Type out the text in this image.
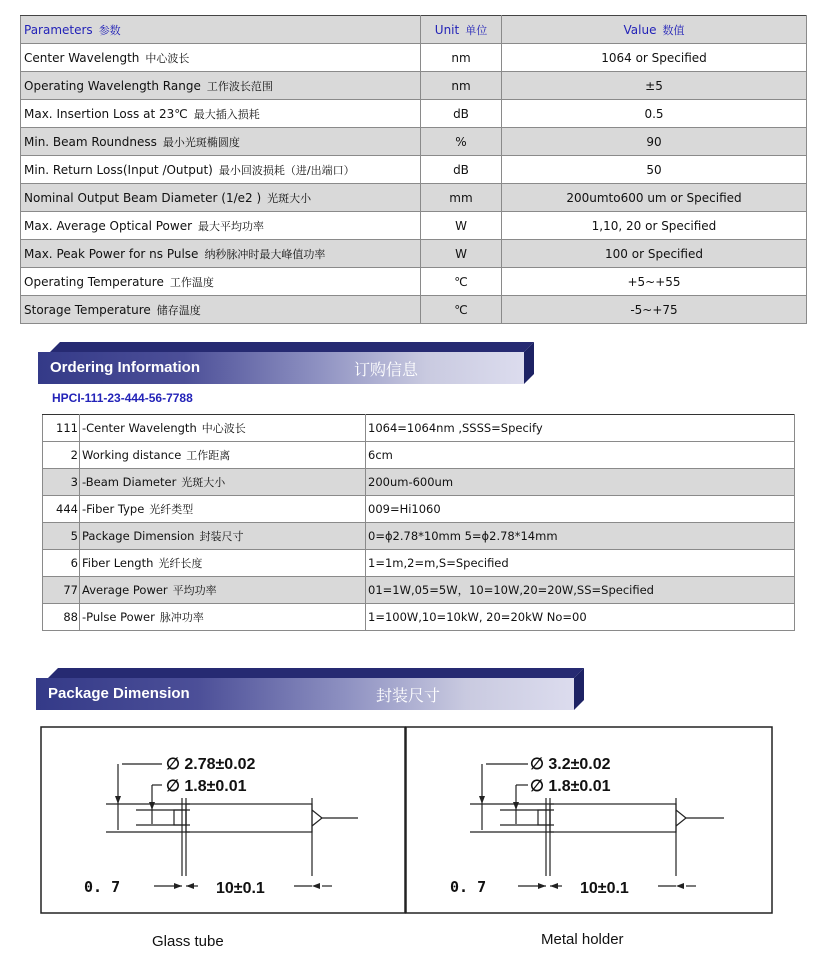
Parameters 参数	Unit 单位	Value 数值
Center Wavelength 中心波长	nm	1064 or Specified
Operating Wavelength Range 工作波长范围	nm	±5
Max. Insertion Loss at 23℃ 最大插入损耗	dB	0.5
Min. Beam Roundness 最小光斑椭圆度	%	90
Min. Return Loss(Input /Output) 最小回波损耗（进/出端口）	dB	50
Nominal Output Beam Diameter (1/e2 ) 光斑大小	mm	200umto600 um or Specified
Max. Average Optical Power 最大平均功率	W	1,10, 20 or Specified
Max. Peak Power for ns Pulse 纳秒脉冲时最大峰值功率	W	100 or Specified
Operating Temperature 工作温度	℃	+5~+55
Storage Temperature 储存温度	℃	-5~+75
Ordering Information	订购信息
HPCI-111-23-444-56-7788
111	-Center Wavelength 中心波长	1064=1064nm ,SSSS=Specify
2	Working distance 工作距离	6cm
3	-Beam Diameter 光斑大小	200um-600um
444	-Fiber Type 光纤类型	009=Hi1060
5	Package Dimension 封装尺寸	0=ϕ2.78*10mm 5=ϕ2.78*14mm
6	Fiber Length 光纤长度	1=1m,2=m,S=Specified
77	Average Power 平均功率	01=1W,05=5W，10=10W,20=20W,SS=Specified
88	-Pulse Power 脉冲功率	1=100W,10=10kW, 20=20kW No=00
Package Dimension	封装尺寸
∅ 2.78±0.02
∅ 1.8±0.01
0. 7	10±0.1
∅ 3.2±0.02
∅ 1.8±0.01
0. 7	10±0.1
Glass tube	Metal holder
